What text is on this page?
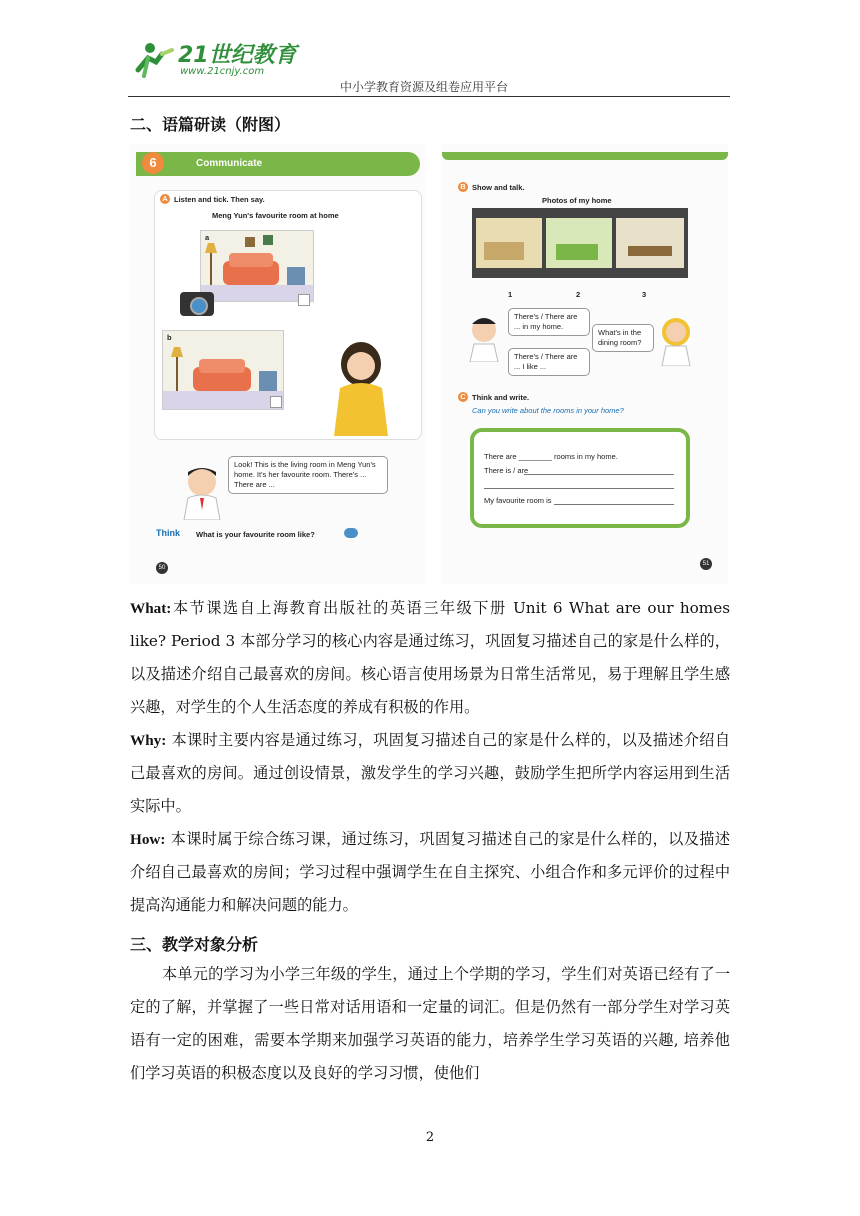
21世纪教育
www.21cnjy.com
中小学教育资源及组卷应用平台
二、语篇研读（附图）
6	Communicate
A Listen and tick. Then say.
Meng Yun's favourite room at home
a
b
Look! This is the living room in Meng Yun's home. It's her favourite room. There's ... There are ...
Think What is your favourite room like?
50
B Show and talk.
Photos of my home
1	2	3
There's / There are ... in my home.
There's / There are ... I like ...
What's in the dining room?
C Think and write.
Can you write about the rooms in your home?
There are ________ rooms in my home.
There is / are
My favourite room is
51
What:本节课选自上海教育出版社的英语三年级下册 Unit 6 What are our homes like? Period 3 本部分学习的核心内容是通过练习，巩固复习描述自己的家是什么样的，以及描述介绍自己最喜欢的房间。核心语言使用场景为日常生活常见，易于理解且学生感兴趣，对学生的个人生活态度的养成有积极的作用。
Why: 本课时主要内容是通过练习，巩固复习描述自己的家是什么样的，以及描述介绍自己最喜欢的房间。通过创设情景，激发学生的学习兴趣，鼓励学生把所学内容运用到生活实际中。
How: 本课时属于综合练习课，通过练习，巩固复习描述自己的家是什么样的，以及描述介绍自己最喜欢的房间；学习过程中强调学生在自主探究、小组合作和多元评价的过程中提高沟通能力和解决问题的能力。
三、教学对象分析
本单元的学习为小学三年级的学生，通过上个学期的学习，学生们对英语已经有了一定的了解，并掌握了一些日常对话用语和一定量的词汇。但是仍然有一部分学生对学习英语有一定的困难，需要本学期来加强学习英语的能力，培养学生学习英语的兴趣, 培养他们学习英语的积极态度以及良好的学习习惯，使他们
2
